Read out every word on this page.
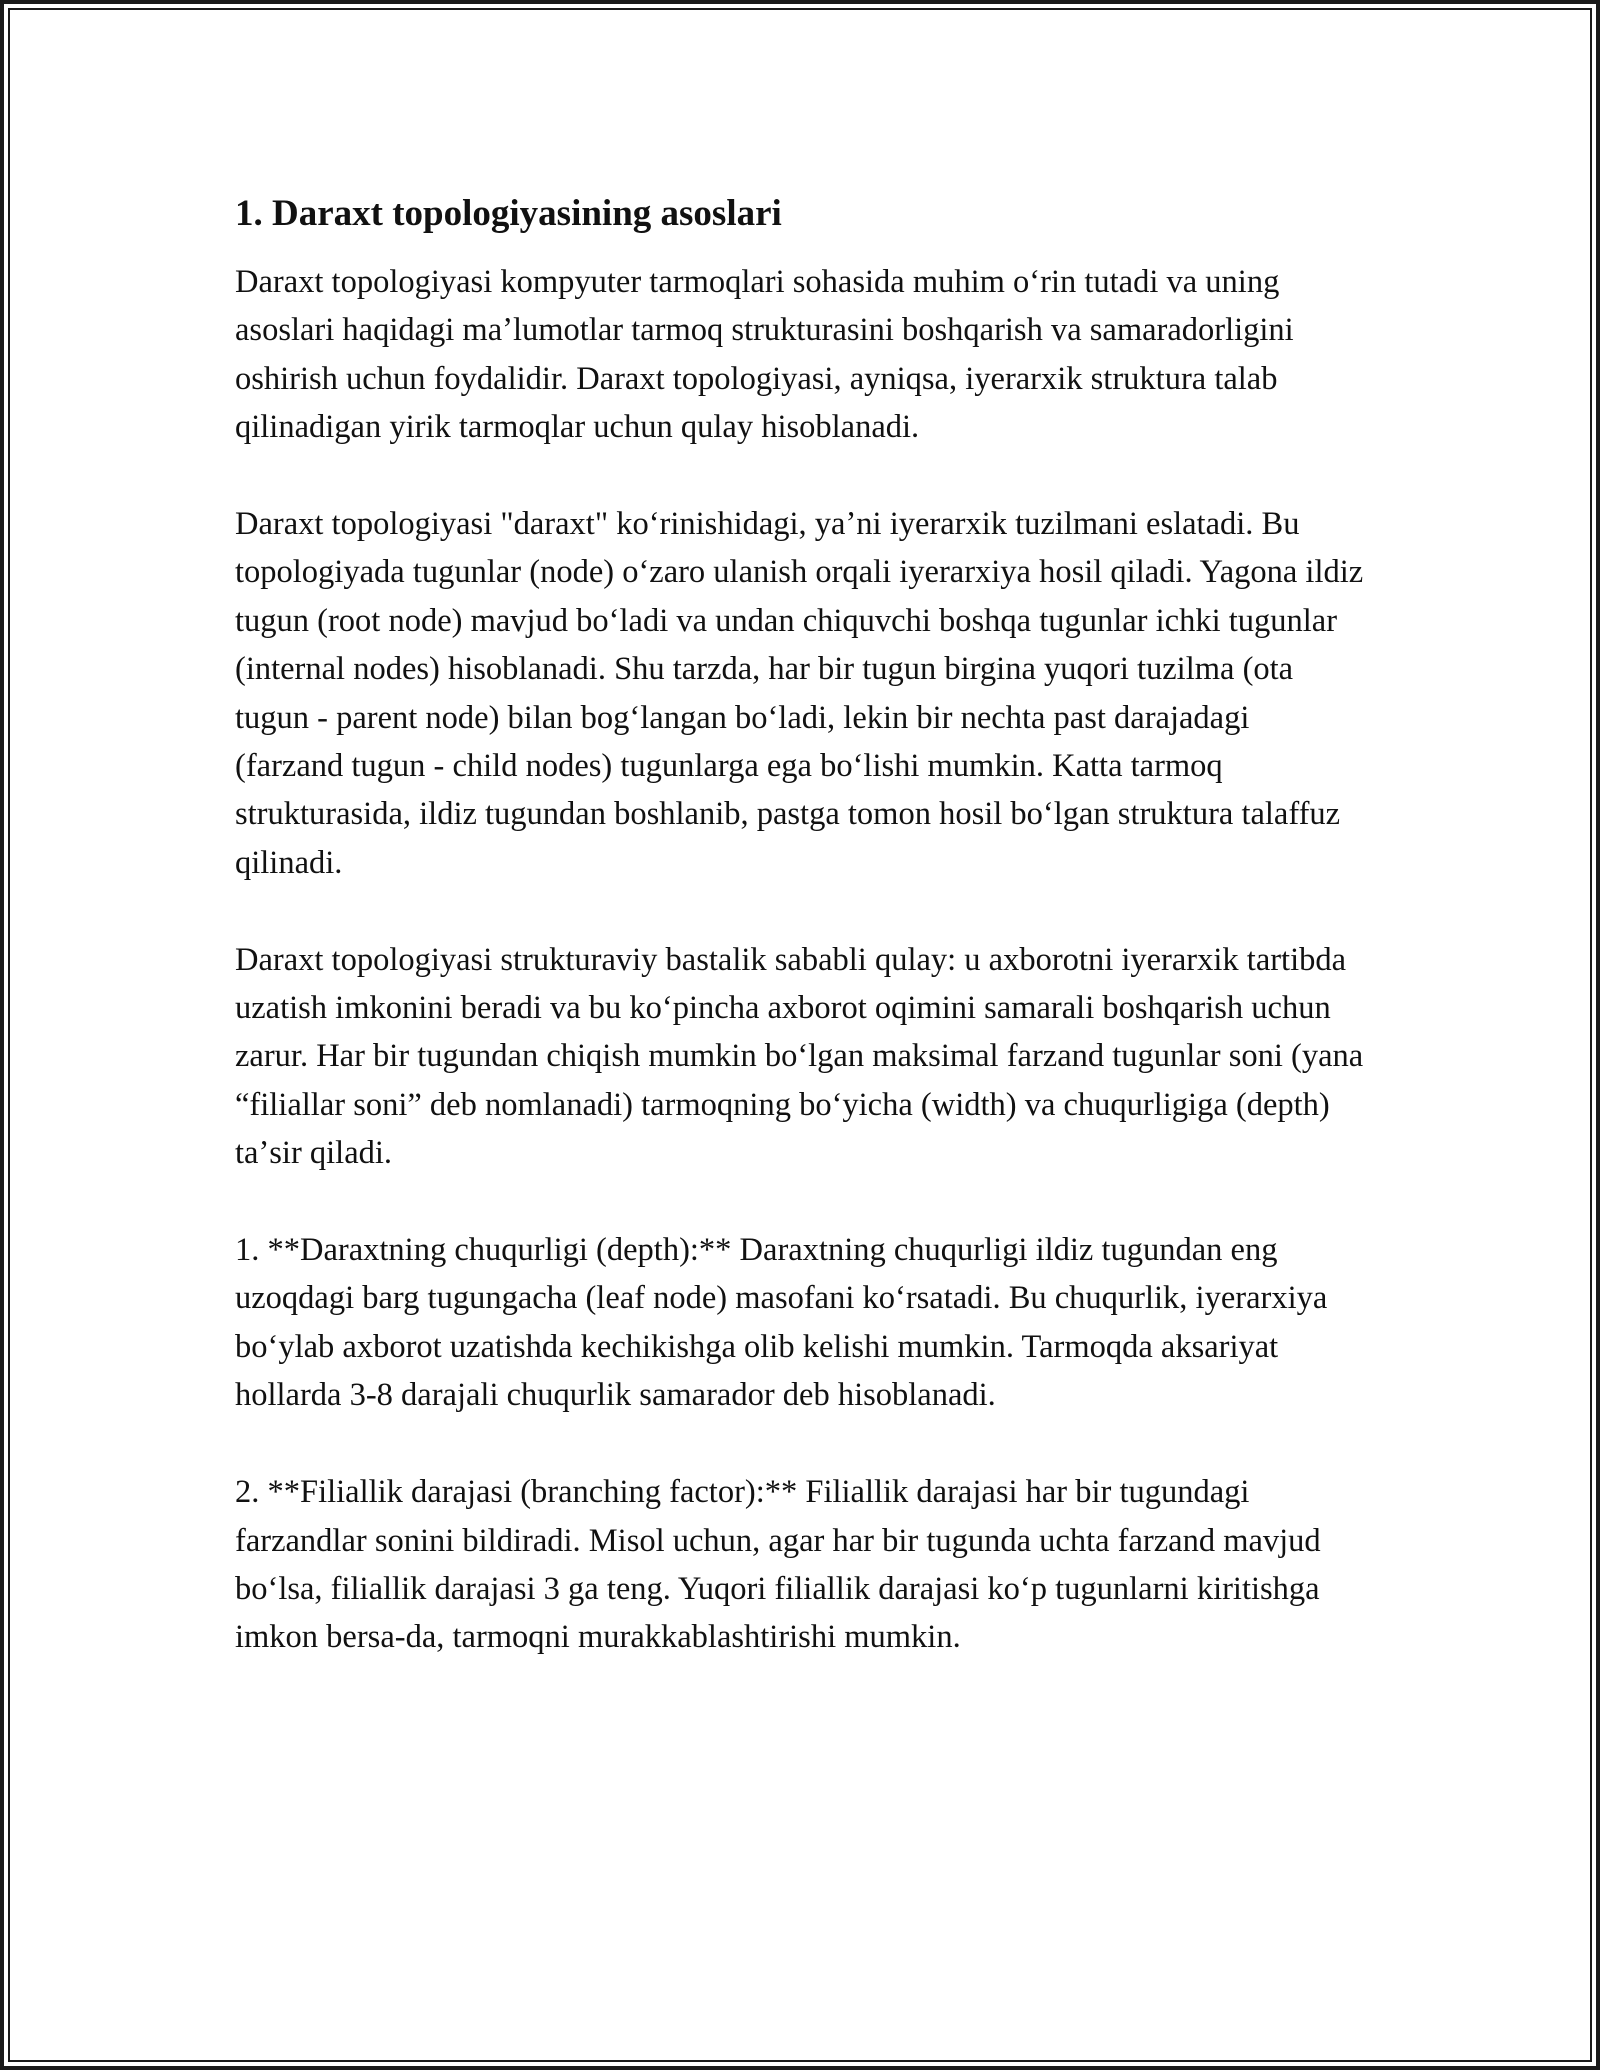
1. Daraxt topologiyasining asoslari

Daraxt topologiyasi kompyuter tarmoqlari sohasida muhim oʻrin tutadi va uning asoslari haqidagi maʼlumotlar tarmoq strukturasini boshqarish va samaradorligini oshirish uchun foydalidir. Daraxt topologiyasi, ayniqsa, iyerarxik struktura talab qilinadigan yirik tarmoqlar uchun qulay hisoblanadi.

Daraxt topologiyasi "daraxt" koʻrinishidagi, yaʼni iyerarxik tuzilmani eslatadi. Bu topologiyada tugunlar (node) oʻzaro ulanish orqali iyerarxiya hosil qiladi. Yagona ildiz tugun (root node) mavjud boʻladi va undan chiquvchi boshqa tugunlar ichki tugunlar (internal nodes) hisoblanadi. Shu tarzda, har bir tugun birgina yuqori tuzilma (ota tugun - parent node) bilan bogʻlangan boʻladi, lekin bir nechta past darajadagi (farzand tugun - child nodes) tugunlarga ega boʻlishi mumkin. Katta tarmoq strukturasida, ildiz tugundan boshlanib, pastga tomon hosil boʻlgan struktura talaffuz qilinadi.

Daraxt topologiyasi strukturaviy bastalik sababli qulay: u axborotni iyerarxik tartibda uzatish imkonini beradi va bu koʻpincha axborot oqimini samarali boshqarish uchun zarur. Har bir tugundan chiqish mumkin boʻlgan maksimal farzand tugunlar soni (yana “filiallar soni” deb nomlanadi) tarmoqning boʻyicha (width) va chuqurligiga (depth) taʼsir qiladi.

1. **Daraxtning chuqurligi (depth):** Daraxtning chuqurligi ildiz tugundan eng uzoqdagi barg tugungacha (leaf node) masofani koʻrsatadi. Bu chuqurlik, iyerarxiya boʻylab axborot uzatishda kechikishga olib kelishi mumkin. Tarmoqda aksariyat hollarda 3-8 darajali chuqurlik samarador deb hisoblanadi.

2. **Filiallik darajasi (branching factor):** Filiallik darajasi har bir tugundagi farzandlar sonini bildiradi. Misol uchun, agar har bir tugunda uchta farzand mavjud boʻlsa, filiallik darajasi 3 ga teng. Yuqori filiallik darajasi koʻp tugunlarni kiritishga imkon bersa-da, tarmoqni murakkablashtirishi mumkin.
